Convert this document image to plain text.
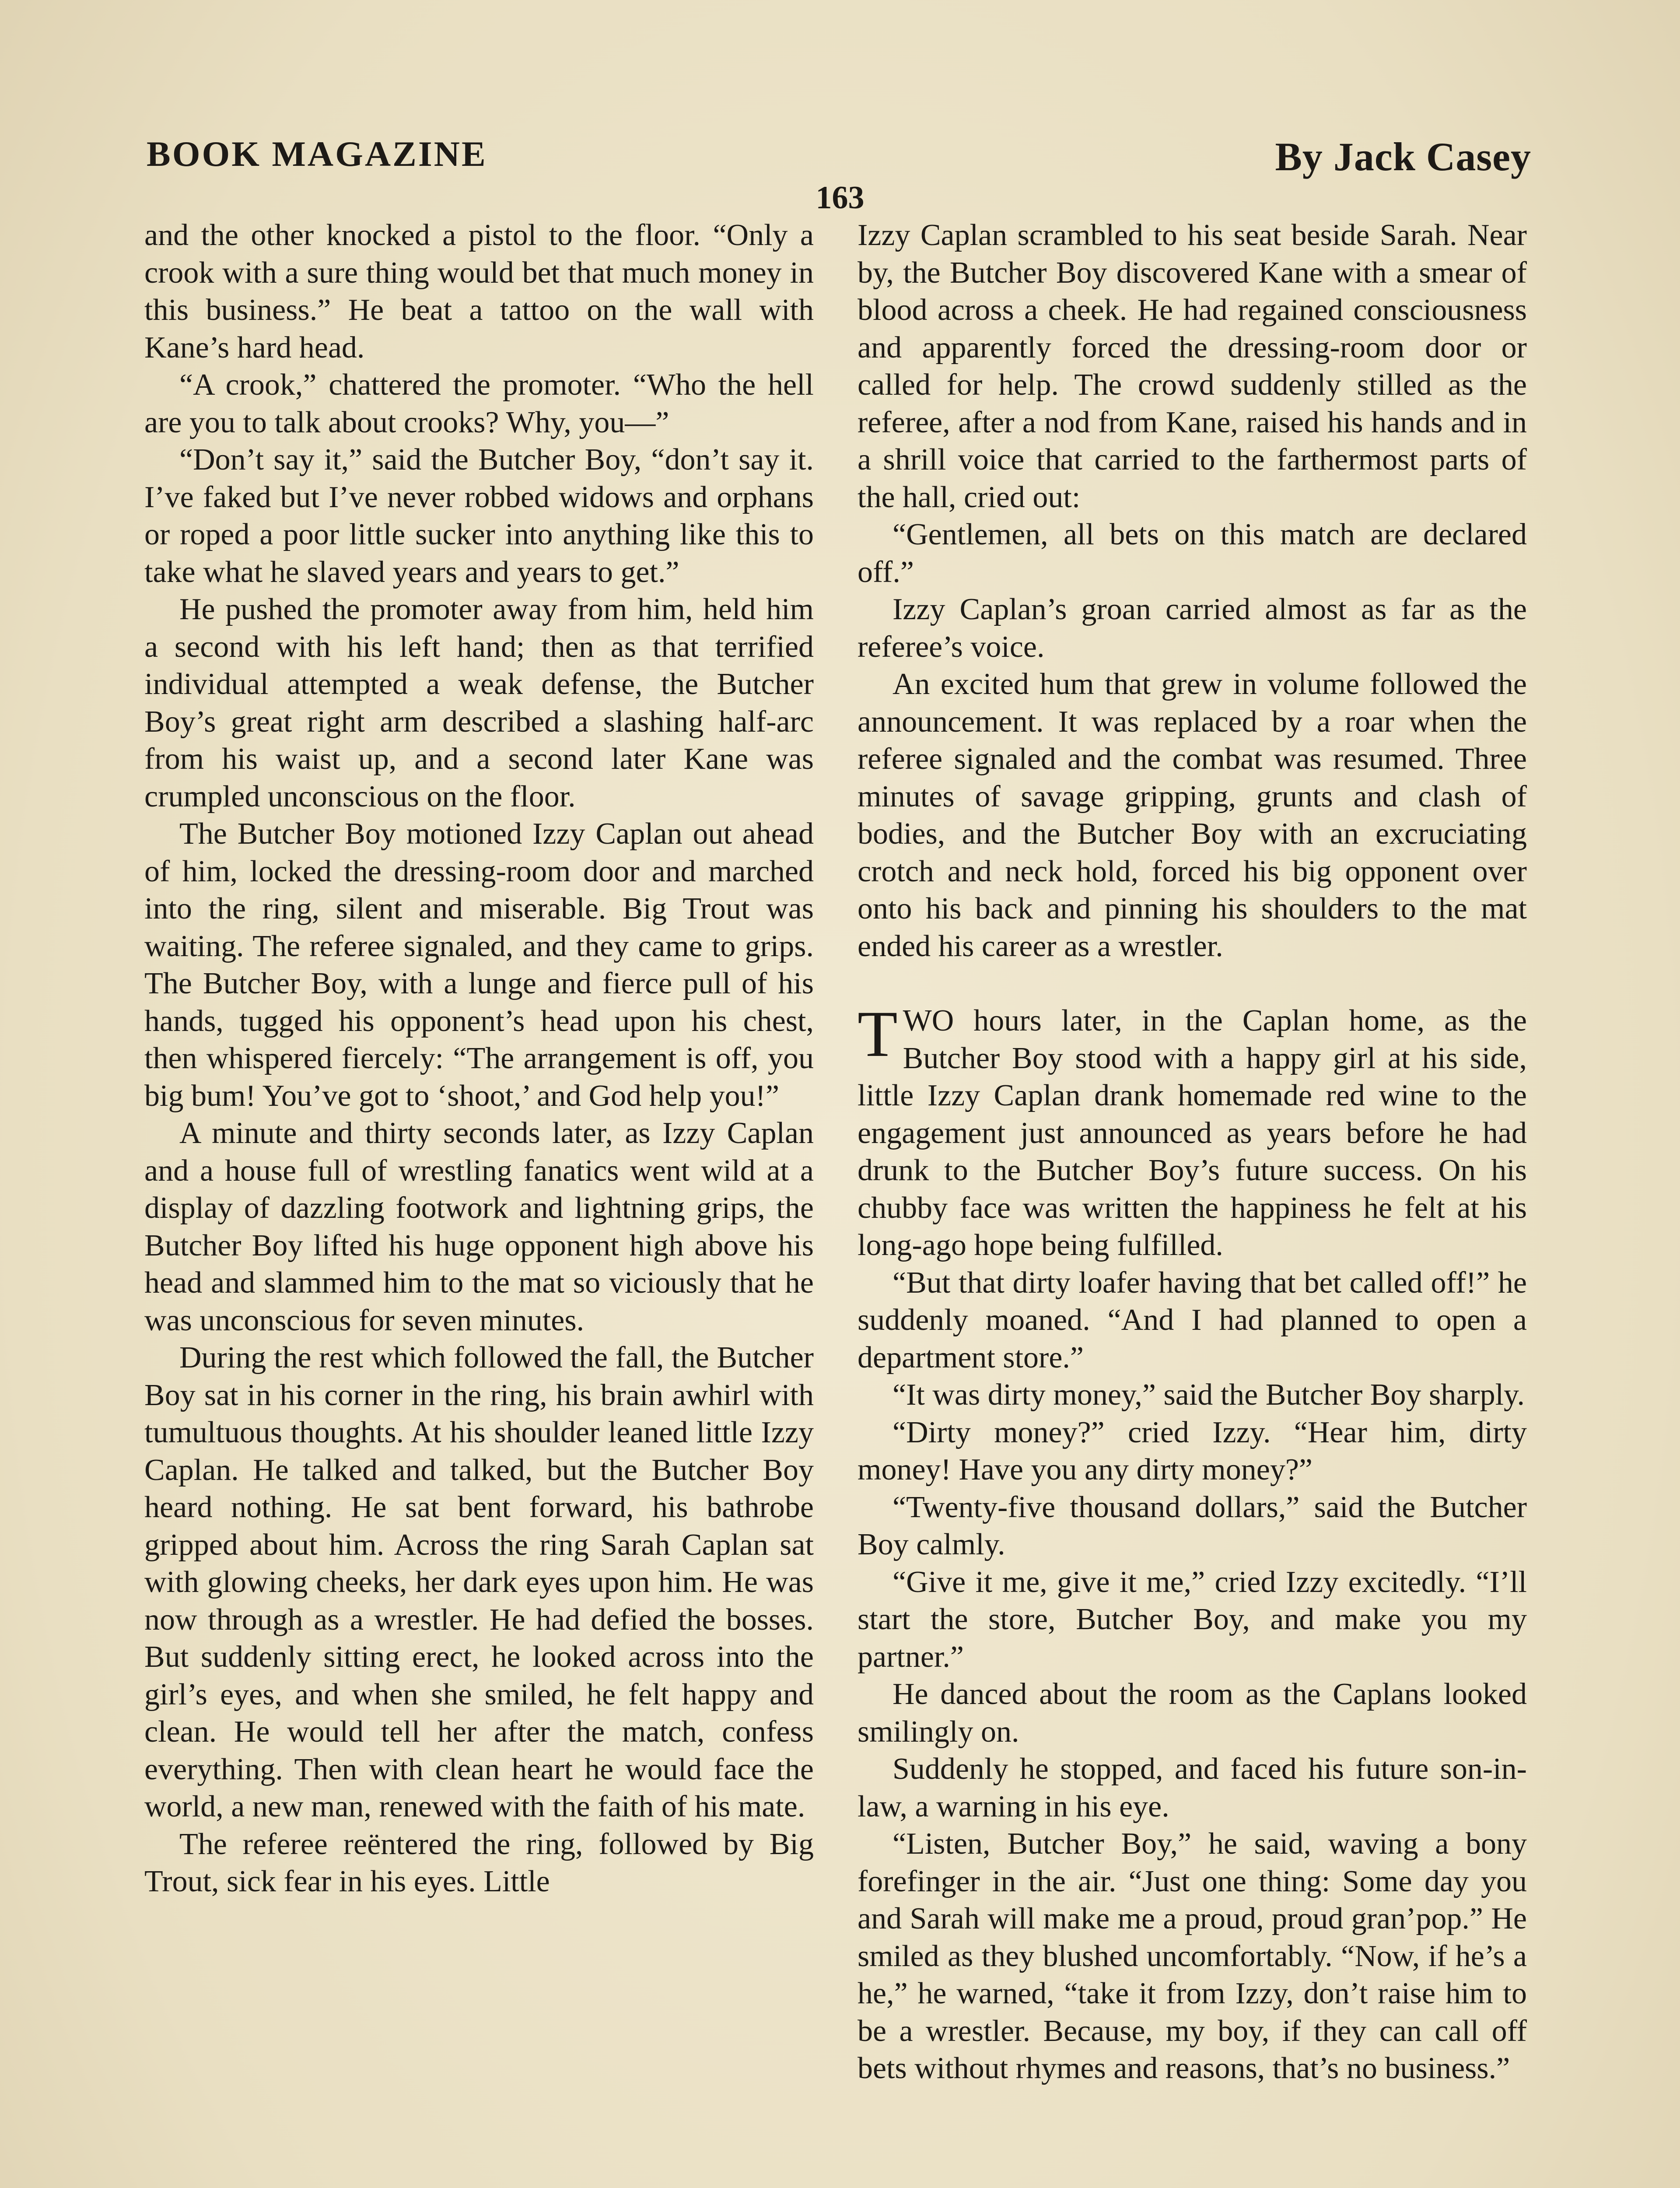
BOOK MAGAZINE	By Jack Casey
163

and the other knocked a pistol to the floor. “Only a crook with a sure thing would bet that much money in this business.” He beat a tattoo on the wall with Kane’s hard head.

“A crook,” chattered the promoter. “Who the hell are you to talk about crooks? Why, you—”

“Don’t say it,” said the Butcher Boy, “don’t say it. I’ve faked but I’ve never robbed widows and orphans or roped a poor little sucker into anything like this to take what he slaved years and years to get.”

He pushed the promoter away from him, held him a second with his left hand; then as that terrified individual attempted a weak defense, the Butcher Boy’s great right arm described a slashing half-arc from his waist up, and a second later Kane was crumpled unconscious on the floor.

The Butcher Boy motioned Izzy Caplan out ahead of him, locked the dressing-room door and marched into the ring, silent and miserable. Big Trout was waiting. The referee signaled, and they came to grips. The Butcher Boy, with a lunge and fierce pull of his hands, tugged his opponent’s head upon his chest, then whispered fiercely: “The arrangement is off, you big bum! You’ve got to ‘shoot,’ and God help you!”

A minute and thirty seconds later, as Izzy Caplan and a house full of wrestling fanatics went wild at a display of dazzling footwork and lightning grips, the Butcher Boy lifted his huge opponent high above his head and slammed him to the mat so viciously that he was unconscious for seven minutes.

During the rest which followed the fall, the Butcher Boy sat in his corner in the ring, his brain awhirl with tumultuous thoughts. At his shoulder leaned little Izzy Caplan. He talked and talked, but the Butcher Boy heard nothing. He sat bent forward, his bathrobe gripped about him. Across the ring Sarah Caplan sat with glowing cheeks, her dark eyes upon him. He was now through as a wrestler. He had defied the bosses. But suddenly sitting erect, he looked across into the girl’s eyes, and when she smiled, he felt happy and clean. He would tell her after the match, confess everything. Then with clean heart he would face the world, a new man, renewed with the faith of his mate.

The referee reëntered the ring, followed by Big Trout, sick fear in his eyes. Little

Izzy Caplan scrambled to his seat beside Sarah. Near by, the Butcher Boy discovered Kane with a smear of blood across a cheek. He had regained consciousness and apparently forced the dressing-room door or called for help. The crowd suddenly stilled as the referee, after a nod from Kane, raised his hands and in a shrill voice that carried to the farthermost parts of the hall, cried out:

“Gentlemen, all bets on this match are declared off.”

Izzy Caplan’s groan carried almost as far as the referee’s voice.

An excited hum that grew in volume followed the announcement. It was replaced by a roar when the referee signaled and the combat was resumed. Three minutes of savage gripping, grunts and clash of bodies, and the Butcher Boy with an excruciating crotch and neck hold, forced his big opponent over onto his back and pinning his shoulders to the mat ended his career as a wrestler.

TWO hours later, in the Caplan home, as the Butcher Boy stood with a happy girl at his side, little Izzy Caplan drank homemade red wine to the engagement just announced as years before he had drunk to the Butcher Boy’s future success. On his chubby face was written the happiness he felt at his long-ago hope being fulfilled.

“But that dirty loafer having that bet called off!” he suddenly moaned. “And I had planned to open a department store.”

“It was dirty money,” said the Butcher Boy sharply.

“Dirty money?” cried Izzy. “Hear him, dirty money! Have you any dirty money?”

“Twenty-five thousand dollars,” said the Butcher Boy calmly.

“Give it me, give it me,” cried Izzy excitedly. “I’ll start the store, Butcher Boy, and make you my partner.”

He danced about the room as the Caplans looked smilingly on.

Suddenly he stopped, and faced his future son-in-law, a warning in his eye.

“Listen, Butcher Boy,” he said, waving a bony forefinger in the air. “Just one thing: Some day you and Sarah will make me a proud, proud gran’pop.” He smiled as they blushed uncomfortably. “Now, if he’s a he,” he warned, “take it from Izzy, don’t raise him to be a wrestler. Because, my boy, if they can call off bets without rhymes and reasons, that’s no business.”
